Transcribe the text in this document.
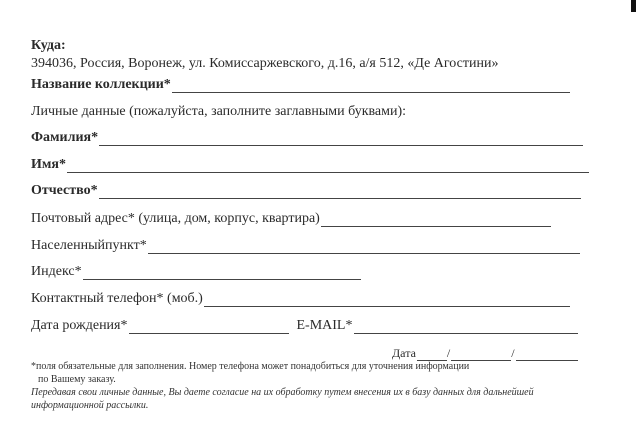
Куда:
394036, Россия, Воронеж, ул. Комиссаржевского, д.16, а/я 512, «Де Агостини»
Название коллекции*
Личные данные (пожалуйста, заполните заглавными буквами):
Фамилия*
Имя*
Отчество*
Почтовый адрес* (улица, дом, корпус, квартира)
Населенныйпункт*
Индекс*
Контактный телефон* (моб.)
Дата рождения*	E-MAIL*
Дата	/	/
*поля обязательные для заполнения. Номер телефона может понадобиться для уточнения информации
по Вашему заказу.
Передавая свои личные данные, Вы даете согласие на их обработку путем внесения их в базу данных для дальнейшей
информационной рассылки.
